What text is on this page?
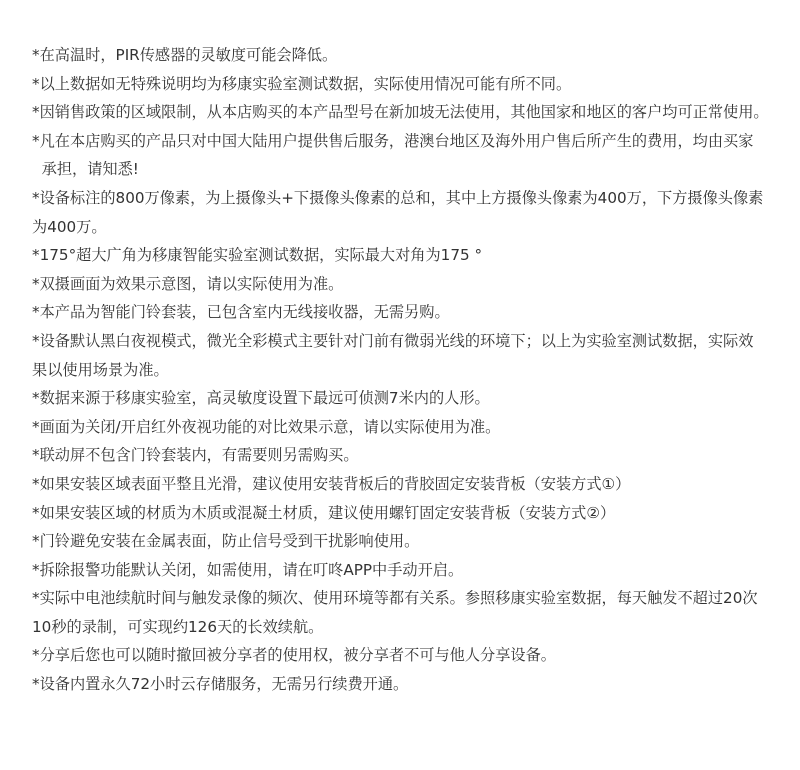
*在高温时，PIR传感器的灵敏度可能会降低。
*以上数据如无特殊说明均为移康实验室测试数据，实际使用情况可能有所不同。
*因销售政策的区域限制，从本店购买的本产品型号在新加坡无法使用，其他国家和地区的客户均可正常使用。
*凡在本店购买的产品只对中国大陆用户提供售后服务，港澳台地区及海外用户售后所产生的费用，均由买家
承担，请知悉!
*设备标注的800万像素，为上摄像头+下摄像头像素的总和，其中上方摄像头像素为400万，下方摄像头像素
为400万。
*175°超大广角为移康智能实验室测试数据，实际最大对角为175 °
*双摄画面为效果示意图，请以实际使用为准。
*本产品为智能门铃套装，已包含室内无线接收器，无需另购。
*设备默认黑白夜视模式，微光全彩模式主要针对门前有微弱光线的环境下；以上为实验室测试数据，实际效
果以使用场景为准。
*数据来源于移康实验室，高灵敏度设置下最远可侦测7米内的人形。
*画面为关闭/开启红外夜视功能的对比效果示意，请以实际使用为准。
*联动屏不包含门铃套装内，有需要则另需购买。
*如果安装区域表面平整且光滑，建议使用安装背板后的背胶固定安装背板（安装方式①）
*如果安装区域的材质为木质或混凝土材质，建议使用螺钉固定安装背板（安装方式②）
*门铃避免安装在金属表面，防止信号受到干扰影响使用。
*拆除报警功能默认关闭，如需使用，请在叮咚APP中手动开启。
*实际中电池续航时间与触发录像的频次、使用环境等都有关系。参照移康实验室数据，每天触发不超过20次
10秒的录制，可实现约126天的长效续航。
*分享后您也可以随时撤回被分享者的使用权，被分享者不可与他人分享设备。
*设备内置永久72小时云存储服务，无需另行续费开通。
